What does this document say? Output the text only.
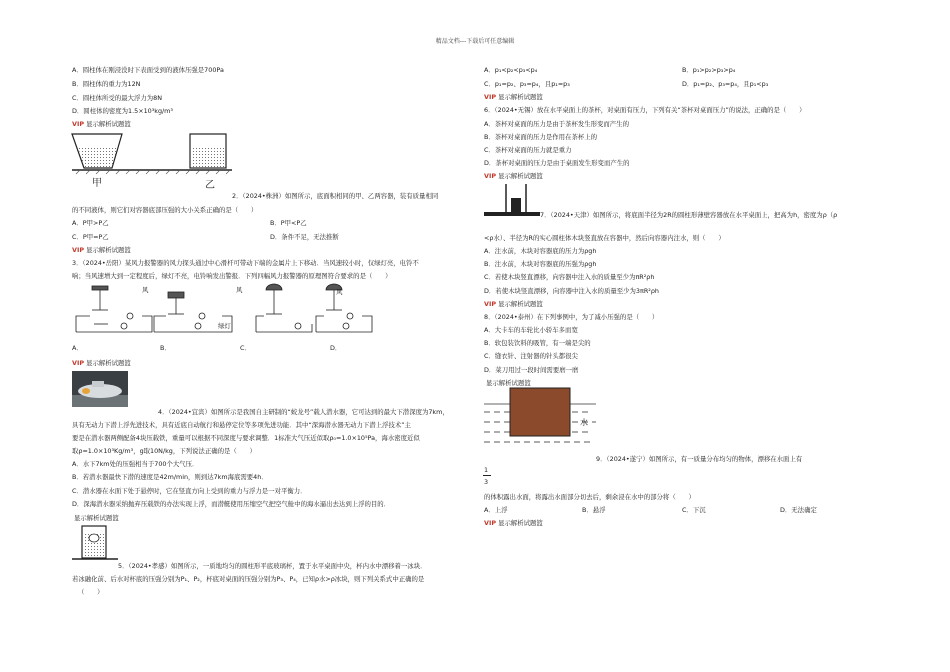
精品文档---下载后可任意编辑
A．圆柱体在刚浸没时下表面受到的液体压强是700Pa
B．圆柱体的重力为12N
C．圆柱体所受的最大浮力为8N
D．圆柱体的密度为1.5×10³kg/m³
VIP 显示解析试题篮
甲	乙
2．（2024•株洲）如图所示，底面积相同的甲、乙两容器，装有质量相同
的不同液体，则它们对容器底部压强的大小关系正确的是（　　）
A．P甲>P乙	B．P甲<P乙
C．P甲=P乙	D．条件不足，无法推断
VIP 显示解析试题篮
3．（2024•岳阳）某风力报警器的风力探头通过中心滑杆可带动下端的金属片上下移动．当风速较小时，仅绿灯亮，电铃不
响；当风速增大到一定程度后，绿灯不亮，电铃响发出警报．下列四幅风力报警器的原理图符合要求的是（　　）
风	风	风
绿灯
A．	B．	C．	D．
VIP 显示解析试题篮
4．（2024•宜宾）如图所示是我国自主研制的“蛟龙号”载人潜水器，它可达到的最大下潜深度为7km，
具有无动力下潜上浮先进技术，具有近底自动航行和悬停定位等多项先进功能．其中“深海潜水器无动力下潜上浮技术”主
要是在潜水器两侧配备4块压载铁，重量可以根据不同深度与要求调整．1标准大气压近似取ρ₀=1.0×10⁵Pa，海水密度近似
取ρ=1.0×10³Kg/m³，g取10N/kg，下列说法正确的是（　　）
A．水下7km处的压强相当于700个大气压．
B．若潜水器最快下潜的速度是42m/min，则到达7km海底需要4h．
C．潜水器在水面下处于悬停时，它在竖直方向上受到的重力与浮力是一对平衡力．
D．深海潜水器采纳抛弃压载铁的办法实现上浮，而潜艇使用压缩空气把空气舱中的海水逼出去达到上浮的目的．
显示解析试题篮
5．（2024•孝感）如图所示，一质地均匀的圆柱形平底玻璃杯，置于水平桌面中央，杯内水中漂移着一冰块．
若冰融化前、后水对杯底的压强分别为P₁、P₂，杯底对桌面的压强分别为P₃、P₄，已知ρ水>ρ冰块，则下列关系式中正确的是
（　　）
A．p₁<p₂<p₃<p₄	B．p₁>p₂>p₃>p₄
C．p₁=p₂、p₃=p₄，且p₁=p₃	D．p₁=p₂、p₃=p₄，且p₁<p₃
VIP 显示解析试题篮
6．（2024•无锡）放在水平桌面上的茶杯，对桌面有压力，下列有关“茶杯对桌面压力”的说法，正确的是（　　）
A．茶杯对桌面的压力是由于茶杯发生形变而产生的
B．茶杯对桌面的压力是作用在茶杯上的
C．茶杯对桌面的压力就是重力
D．茶杯对桌面的压力是由于桌面发生形变而产生的
VIP 显示解析试题篮
7．（2024•天津）如图所示，将底面半径为2R的圆柱形薄壁容器放在水平桌面上，把高为h，密度为ρ（ρ
<ρ水）、半径为R的实心圆柱体木块竖直放在容器中，然后向容器内注水，则（　　）
A．注水前，木块对容器底的压力为ρgh
B．注水前，木块对容器底的压强为ρgh
C．若使木块竖直漂移，向容器中注入水的质量至少为πR²ρh
D．若使木块竖直漂移，向容器中注入水的质量至少为3πR²ρh
VIP 显示解析试题篮
8．（2024•泰州）在下列事例中，为了减小压强的是（　　）
A．大卡车的车轮比小轿车多而宽
B．软包装饮料的吸管，有一端是尖的
C．缝衣针、注射器的针头都很尖
D．菜刀用过一段时间需要磨一磨
显示解析试题篮
水
9．（2024•遂宁）如图所示，有一质量分布均匀的物体，漂移在水面上有
1
3
的体积露出水面，将露出水面部分切去后，剩余浸在水中的部分将（　　）
A．上浮	B．悬浮	C．下沉	D．无法确定
VIP 显示解析试题篮
